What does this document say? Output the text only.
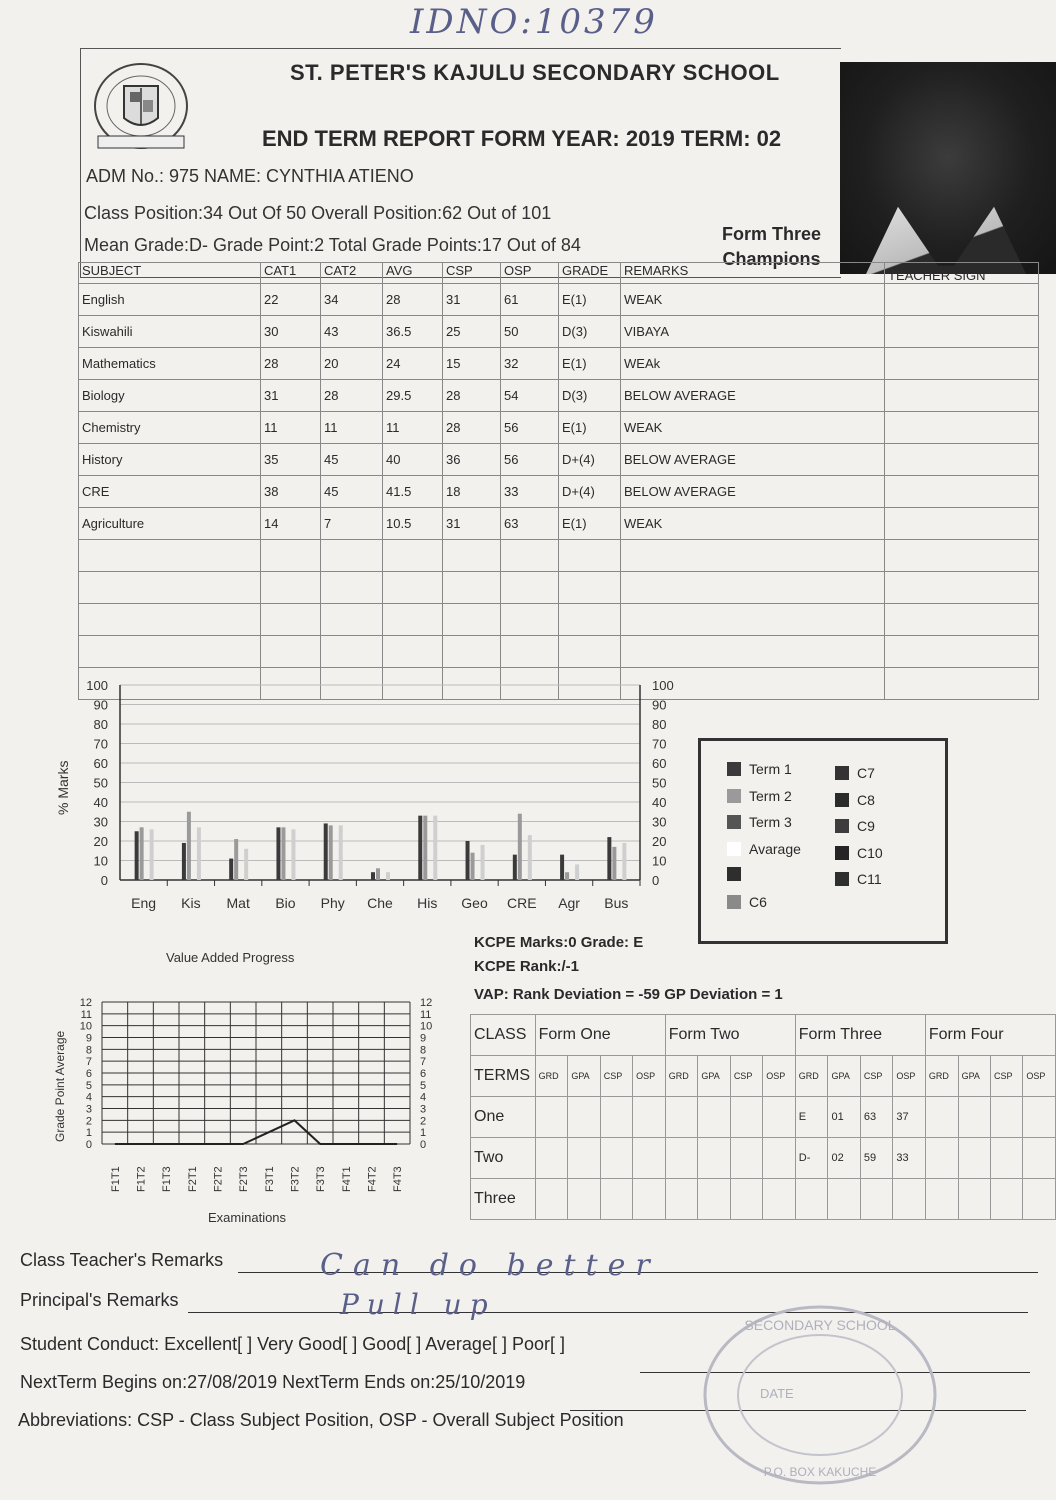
IDNO:10379
ST. PETER'S KAJULU SECONDARY SCHOOL
END TERM REPORT FORM YEAR: 2019 TERM: 02
ADM No.: 975 NAME: CYNTHIA ATIENO
Class Position:34 Out Of 50 Overall Position:62 Out of 101
Mean Grade:D- Grade Point:2 Total Grade Points:17 Out of 84
Form Three
Champions
SUBJECT	CAT1	CAT2	AVG	CSP	OSP	GRADE	REMARKS	TEACHER SIGN
English	22	34	28	31	61	E(1)	WEAK	
Kiswahili	30	43	36.5	25	50	D(3)	VIBAYA	
Mathematics	28	20	24	15	32	E(1)	WEAk	
Biology	31	28	29.5	28	54	D(3)	BELOW AVERAGE	
Chemistry	11	11	11	28	56	E(1)	WEAK	
History	35	45	40	36	56	D+(4)	BELOW AVERAGE	
CRE	38	45	41.5	18	33	D+(4)	BELOW AVERAGE	
Agriculture	14	7	10.5	31	63	E(1)	WEAK	

100	100
90	90
80	80
70	70
60	60
50	50
40	40
30	30
20	20
10	10
0	0
% Marks
Eng Kis Mat Bio Phy Che His Geo CRE Agr Bus
Term 1
Term 2
Term 3
Avarage
C6
C7
C8
C9
C10
C11
KCPE Marks:0 Grade: E
KCPE Rank:/-1
VAP: Rank Deviation = -59 GP Deviation = 1
Value Added Progress
12	12
11	11
10	10
9	9
8	8
7	7
6	6
5	5
4	4
3	3
2	2
1	1
0	0
Grade Point Average
F1T1 F1T2 F1T3 F2T1 F2T2 F2T3 F3T1 F3T2 F3T3 F4T1 F4T2 F4T3
Examinations
CLASS	Form One				Form Two				Form Three				Form Four			
TERMS	GRD	GPA	CSP	OSP	GRD	GPA	CSP	OSP	GRD	GPA	CSP	OSP	GRD	GPA	CSP	OSP
One									E	01	63	37				
Two									D-	02	59	33				
Three																
Class Teacher's Remarks	Can do better
Principal's Remarks	Pull up
Student Conduct: Excellent[ ] Very Good[ ] Good[ ] Average[ ] Poor[ ]
NextTerm Begins on:27/08/2019 NextTerm Ends on:25/10/2019
Abbreviations: CSP - Class Subject Position, OSP - Overall Subject Position
SECONDARY SCHOOL
DATE
P.O. BOX KAKUCHE
